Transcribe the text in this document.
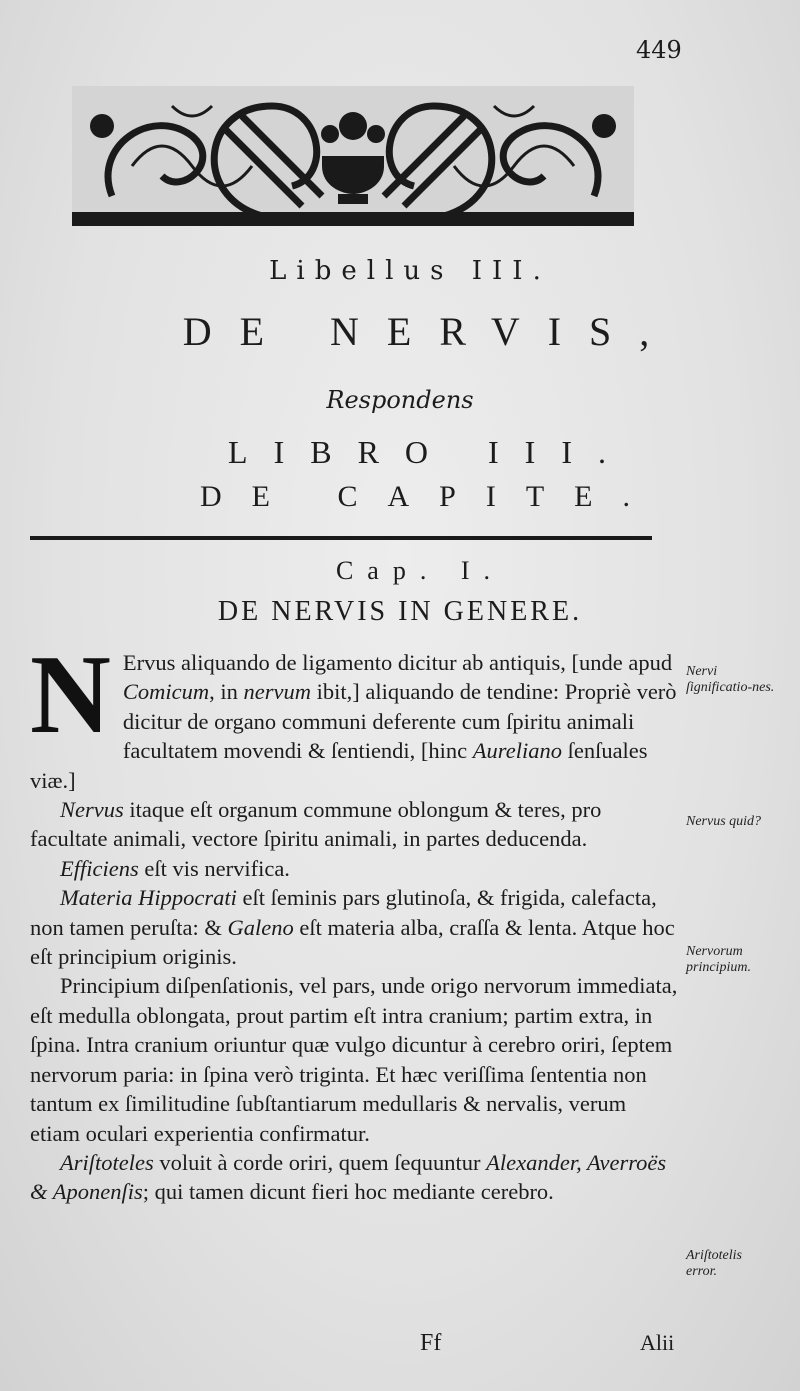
449
Libellus III.
DE NERVIS,
Respondens
LIBRO III.
DE CAPITE.
Cap. I.
DE NERVIS IN GENERE.

N Ervus aliquando de ligamento dicitur ab antiquis, [unde apud Comicum, in nervum ibit,] aliquando de tendine: Propriè verò dicitur de organo communi deferente cum ſpiritu animali facultatem movendi & ſentiendi, [hinc Aureliano ſenſuales viæ.]

Nervus itaque eſt organum commune oblongum & teres, pro facultate animali, vectore ſpiritu animali, in partes deducenda.

Efficiens eſt vis nervifica.

Materia Hippocrati eſt ſeminis pars glutinoſa, & frigida, calefacta, non tamen peruſta: & Galeno eſt materia alba, craſſa & lenta. Atque hoc eſt principium originis.

Principium diſpenſationis, vel pars, unde origo nervorum immediata, eſt medulla oblongata, prout partim eſt intra cranium; partim extra, in ſpina. Intra cranium oriuntur quæ vulgo dicuntur à cerebro oriri, ſeptem nervorum paria: in ſpina verò triginta. Et hæc veriſſima ſententia non tantum ex ſimilitudine ſubſtantiarum medullaris & nervalis, verum etiam oculari experientia confirmatur.

Ariſtoteles voluit à corde oriri, quem ſequuntur Alexander, Averroës & Aponenſis; qui tamen dicunt fieri hoc mediante cerebro.

Nervi ſignificatio-nes.
Nervus quid?
Nervorum principium.
Ariſtotelis error.
Ff	Alii
